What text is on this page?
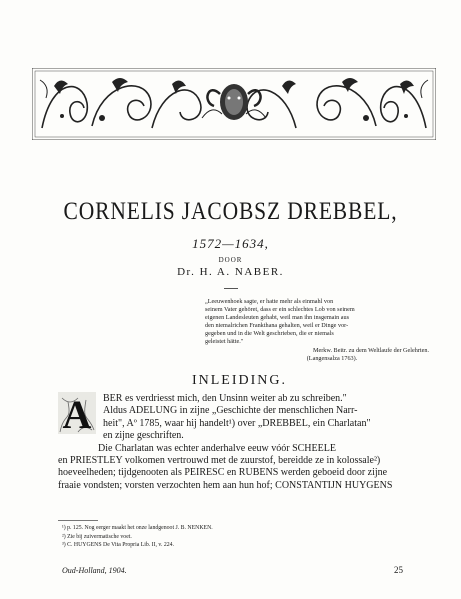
CORNELIS JACOBSZ DREBBEL,
1572—1634,
DOOR
Dr. H. A. NABER.
„Leeuwenhoek sagte, er hatte mehr als einmahl von
seinem Vater gehöret, dass er ein schlechtes Lob von seinem
eigenen Landesleuten gehabt, weil man ihn insgemain aus
den niemalrichen Frankthana gehalten, weil er Dinge vor-
gegeben und in die Welt geschrieben, die er niemals
geleistet hätte."
Merkw. Beitr. zu dem Weltlaufe der Gelehrten.
(Langensalza 1763).
INLEIDING.
A	BER es verdriesst mich, den Unsinn weiter ab zu schreiben."
Aldus ADELUNG in zijne „Geschichte der menschlichen Narr-
heit", Aº 1785, waar hij handelt¹) over „DREBBEL, ein Charlatan"
en zijne geschriften.
Die Charlatan was echter anderhalve eeuw vóór SCHEELE
en PRIESTLEY volkomen vertrouwd met de zuurstof, bereidde ze in kolossale²)
hoeveelheden; tijdgenooten als PEIRESC en RUBENS werden geboeid door zijne
fraaie vondsten; vorsten verzochten hem aan hun hof; CONSTANTIJN HUYGENS
¹) p. 125. Nog eerger maakt het onze landgenoot J. B. NENKEN.
²) Zie bij zuivermatische voet.
³) C. HUYGENS De Vita Propria Lib. II, v. 224.
Oud-Holland, 1904.	25
